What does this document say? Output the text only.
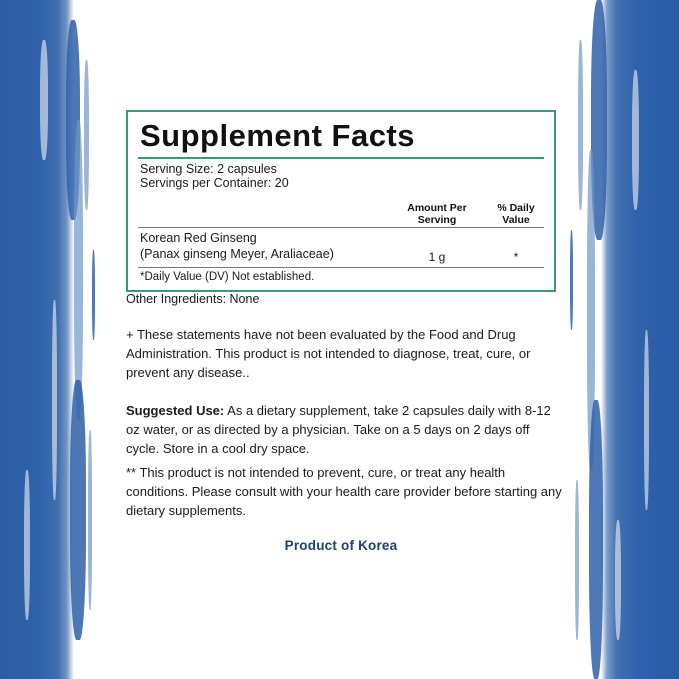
Supplement Facts
Serving Size: 2 capsules
Servings per Container: 20
Amount Per
Serving
% Daily
Value
Korean Red Ginseng
(Panax ginseng Meyer, Araliaceae)	1 g	*
*Daily Value (DV) Not established.
Other Ingredients: None
+ These statements have not been evaluated by the Food and Drug Administration. This product is not intended to diagnose, treat, cure, or prevent any disease..
Suggested Use: As a dietary supplement, take 2 capsules daily with 8-12 oz water, or as directed by a physician. Take on a 5 days on 2 days off cycle. Store in a cool dry space.
** This product is not intended to prevent, cure, or treat any health conditions. Please consult with your health care provider before starting any dietary supplements.
Product of Korea
